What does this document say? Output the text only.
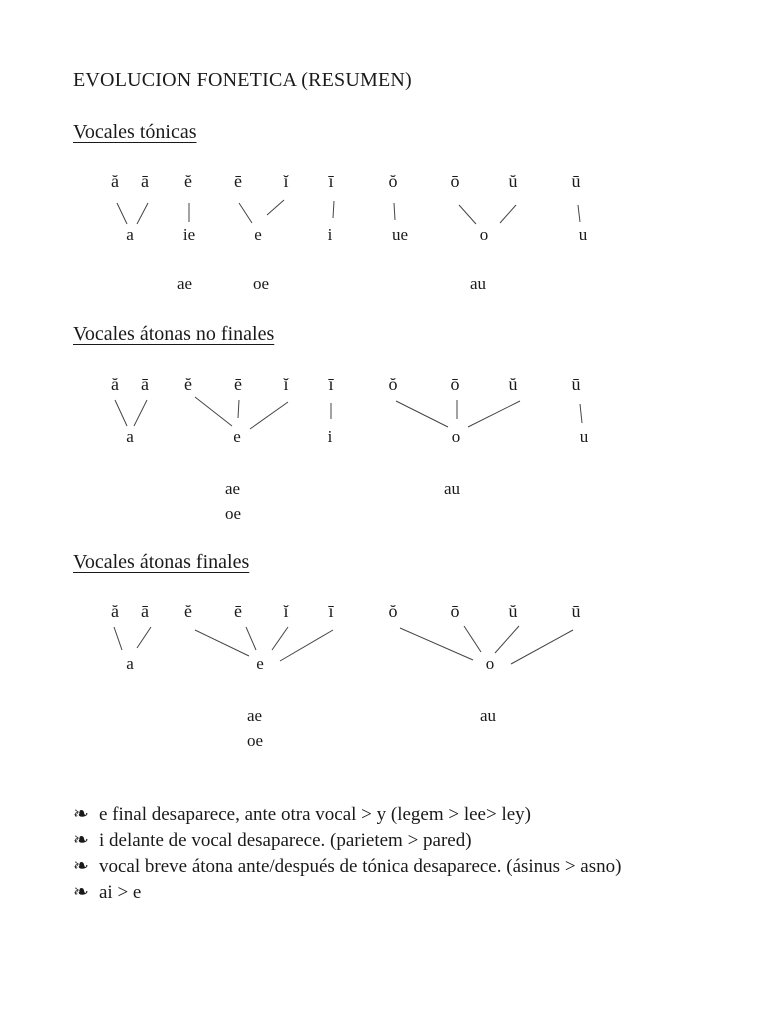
EVOLUCION FONETICA (RESUMEN)
Vocales tónicas
ă ā ĕ ē ĭ ī	ŏ	ō	ŭ	ū
a	ie	e	i	ue	o	u
ae	oe	au
Vocales átonas no finales
ă ā ĕ ē ĭ ī	ŏ	ō	ŭ	ū
a	e	i	o	u
ae
oe
au
Vocales átonas finales
ă ā ĕ ē ĭ ī	ŏ	ō	ŭ	ū
a	e	o
ae
oe
au
❧ e final desaparece, ante otra vocal > y (legem > lee> ley)
❧ i delante de vocal desaparece. (parietem > pared)
❧ vocal breve átona ante/después de tónica desaparece. (ásinus > asno)
❧ ai > e
